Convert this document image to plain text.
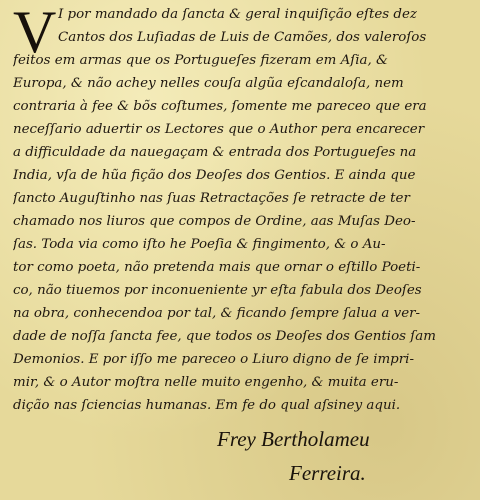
V I por mandado da ſancta & geral inquiſição eſtes dez
Cantos dos Luſiadas de Luis de Camões, dos valeroſos
feitos em armas que os Portugueſes fizeram em Aſia, &
Europa, & não achey nelles couſa algũa eſcandaloſa, nem
contraria à fee & bõs coſtumes, ſomente me pareceo que era
neceſſario aduertir os Lectores que o Author pera encarecer
a difficuldade da nauegaçam & entrada dos Portugueſes na
India, vſa de hũa fição dos Deoſes dos Gentios. E ainda que
ſancto Auguſtinho nas ſuas Retractações ſe retracte de ter
chamado nos liuros que compos de Ordine, aas Muſas Deo-
ſas. Toda via como iſto he Poeſia & fingimento, & o Au-
tor como poeta, não pretenda mais que ornar o eſtillo Poeti-
co, não tiuemos por inconueniente yr eſta fabula dos Deoſes
na obra, conhecendoa por tal, & ficando ſempre ſalua a ver-
dade de noſſa ſancta fee, que todos os Deoſes dos Gentios ſam
Demonios. E por iſſo me pareceo o Liuro digno de ſe impri-
mir, & o Autor moſtra nelle muito engenho, & muita eru-
dição nas ſciencias humanas. Em fe do qual aſsiney aqui.
Frey Bertholameu
Ferreira.
